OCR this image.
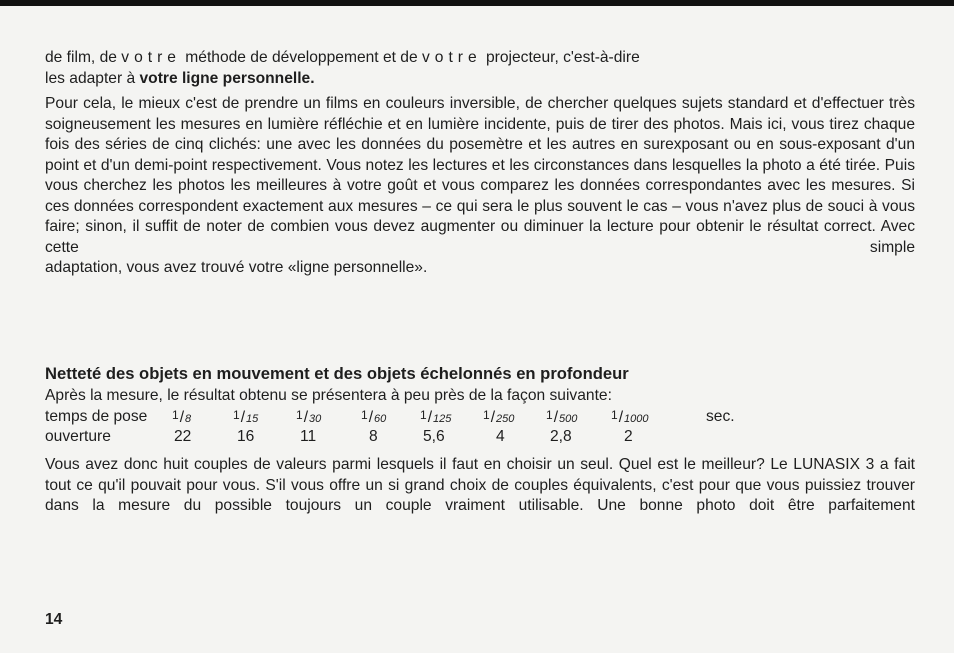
de film, de votre méthode de développement et de votre projecteur, c'est-à-dire

les adapter à votre ligne personnelle.

Pour cela, le mieux c'est de prendre un films en couleurs inversible, de chercher quelques sujets standard et d'effectuer très soigneusement les mesures en lumière réfléchie et en lumière incidente, puis de tirer des photos. Mais ici, vous tirez chaque fois des séries de cinq clichés: une avec les données du posemètre et les autres en surexposant ou en sous-exposant d'un point et d'un demi-point respectivement. Vous notez les lectures et les circonstances dans lesquelles la photo a été tirée. Puis vous cherchez les photos les meilleures à votre goût et vous comparez les données correspondantes avec les mesures. Si ces données correspondent exactement aux mesures – ce qui sera le plus souvent le cas – vous n'avez plus de souci à vous faire; sinon, il suffit de noter de combien vous devez augmenter ou diminuer la lecture pour obtenir le résultat correct. Avec cette simple

adaptation, vous avez trouvé votre «ligne personnelle».

Netteté des objets en mouvement et des objets échelonnés en profondeur
Après la mesure, le résultat obtenu se présentera à peu près de la façon suivante:
temps de pose 1/8	1/15	1/30	1/60	1/125	1/250	1/500	1/1000	sec.
ouverture	22	16	11	8	5,6	4	2,8	2

Vous avez donc huit couples de valeurs parmi lesquels il faut en choisir un seul. Quel est le meilleur? Le LUNASIX 3 a fait tout ce qu'il pouvait pour vous. S'il vous offre un si grand choix de couples équivalents, c'est pour que vous puissiez trouver dans la mesure du possible toujours un couple vraiment utilisable. Une bonne photo doit être parfaitement

14
